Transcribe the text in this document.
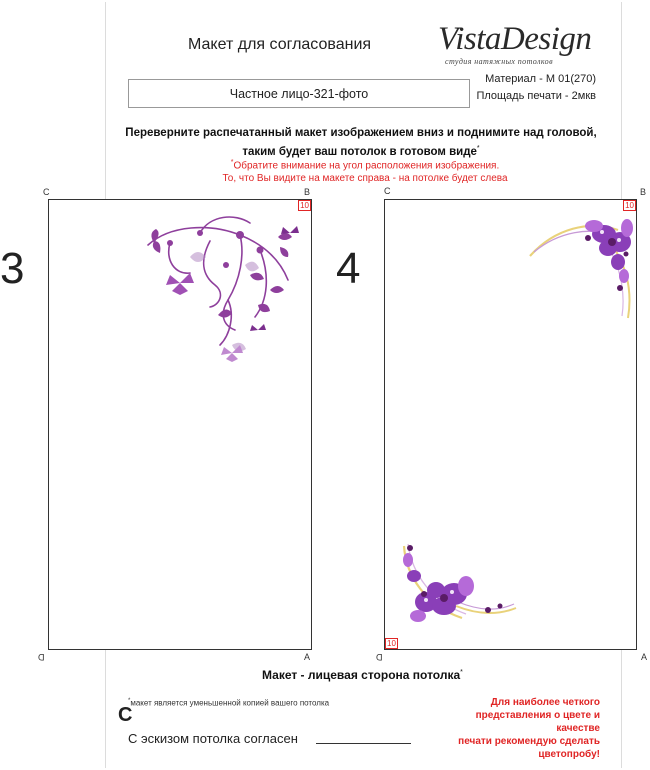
Макет для согласования VistaDesign
студия натяжных потолков
Частное лицо-321-фото
Материал - М 01(270)
Площадь печати - 2мкв
Переверните распечатанный макет изображением вниз и поднимите над головой,
таким будет ваш потолок в готовом виде*
*Обратите внимание на угол расположения изображения.
То, что Вы видите на макете справа - на потолке будет слева
3
C	B
D	A
10
4
C	B
D	A
10
10
Макет - лицевая сторона потолка*
*макет является уменьшенной копией вашего потолка
С
Для наиболее четкого
представления о цвете и качестве
печати рекомендую сделать
цветопробу!
С эскизом потолка согласен
